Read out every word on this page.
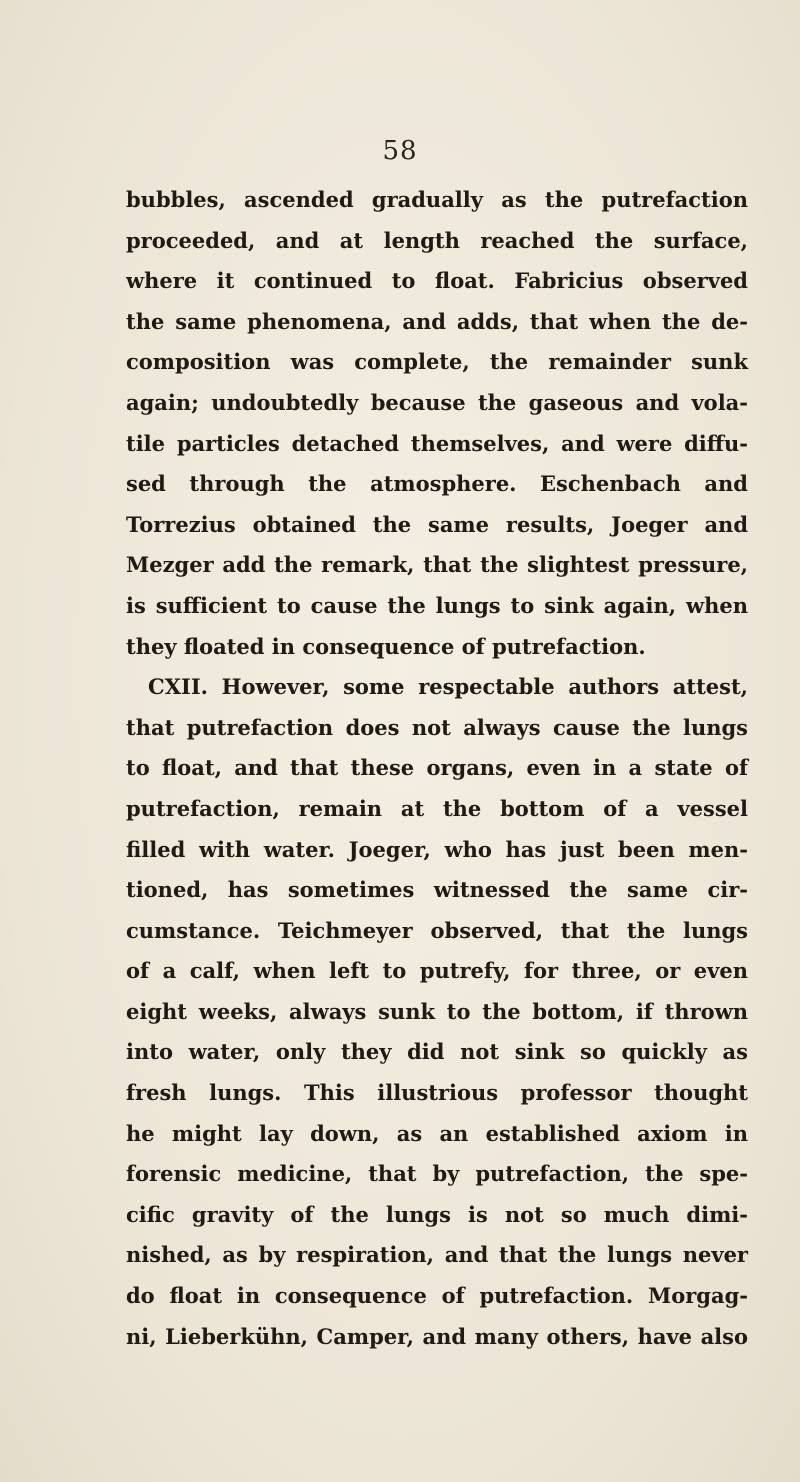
58
bubbles, ascended gradually as the putrefaction
proceeded, and at length reached the surface,
where it continued to float. Fabricius observed
the same phenomena, and adds, that when the de-
composition was complete, the remainder sunk
again; undoubtedly because the gaseous and vola-
tile particles detached themselves, and were diffu-
sed through the atmosphere. Eschenbach and
Torrezius obtained the same results, Joeger and
Mezger add the remark, that the slightest pressure,
is sufficient to cause the lungs to sink again, when
they floated in consequence of putrefaction.
CXII. However, some respectable authors attest,
that putrefaction does not always cause the lungs
to float, and that these organs, even in a state of
putrefaction, remain at the bottom of a vessel
filled with water. Joeger, who has just been men-
tioned, has sometimes witnessed the same cir-
cumstance. Teichmeyer observed, that the lungs
of a calf, when left to putrefy, for three, or even
eight weeks, always sunk to the bottom, if thrown
into water, only they did not sink so quickly as
fresh lungs. This illustrious professor thought
he might lay down, as an established axiom in
forensic medicine, that by putrefaction, the spe-
cific gravity of the lungs is not so much dimi-
nished, as by respiration, and that the lungs never
do float in consequence of putrefaction. Morgag-
ni, Lieberkühn, Camper, and many others, have also
